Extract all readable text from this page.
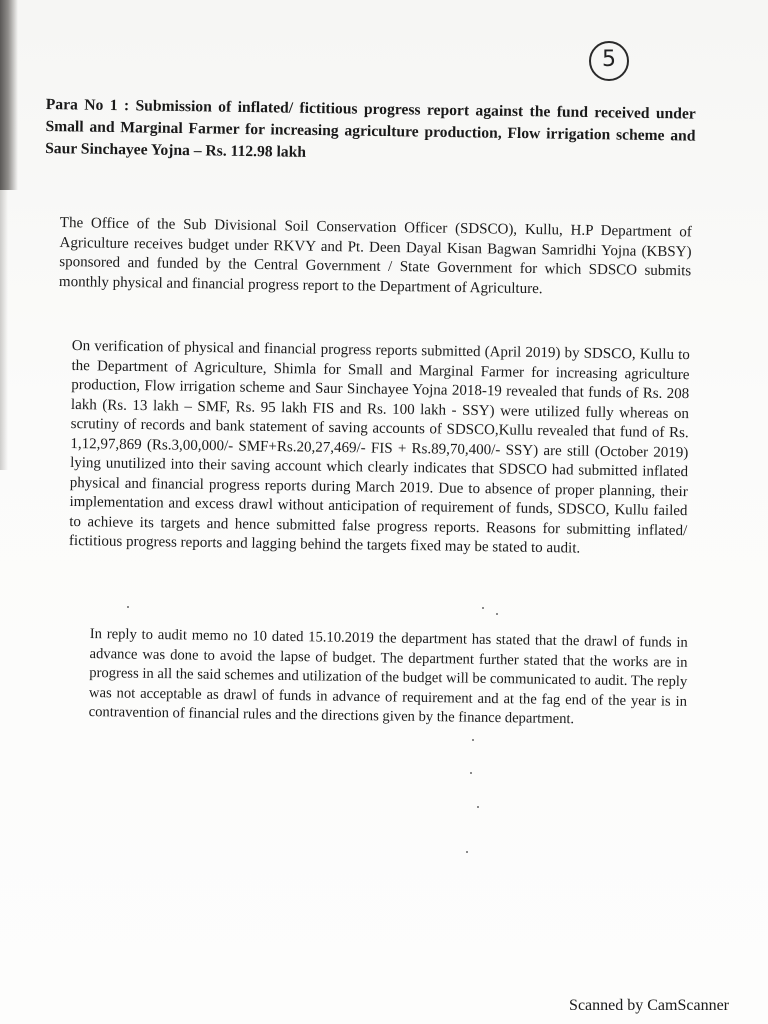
5

Para No 1 : Submission of inflated/ fictitious progress report against the fund received under Small and Marginal Farmer for increasing agriculture production, Flow irrigation scheme and Saur Sinchayee Yojna – Rs. 112.98 lakh

The Office of the Sub Divisional Soil Conservation Officer (SDSCO), Kullu, H.P Department of Agriculture receives budget under RKVY and Pt. Deen Dayal Kisan Bagwan Samridhi Yojna (KBSY) sponsored and funded by the Central Government / State Government for which SDSCO submits monthly physical and financial progress report to the Department of Agriculture.

On verification of physical and financial progress reports submitted (April 2019) by SDSCO, Kullu to the Department of Agriculture, Shimla for Small and Marginal Farmer for increasing agriculture production, Flow irrigation scheme and Saur Sinchayee Yojna 2018-19 revealed that funds of Rs. 208 lakh (Rs. 13 lakh – SMF, Rs. 95 lakh FIS and Rs. 100 lakh - SSY) were utilized fully whereas on scrutiny of records and bank statement of saving accounts of SDSCO,Kullu revealed that fund of Rs. 1,12,97,869 (Rs.3,00,000/- SMF+Rs.20,27,469/- FIS + Rs.89,70,400/- SSY) are still (October 2019) lying unutilized into their saving account which clearly indicates that SDSCO had submitted inflated physical and financial progress reports during March 2019. Due to absence of proper planning, their implementation and excess drawl without anticipation of requirement of funds, SDSCO, Kullu failed to achieve its targets and hence submitted false progress reports. Reasons for submitting inflated/ fictitious progress reports and lagging behind the targets fixed may be stated to audit.

In reply to audit memo no 10 dated 15.10.2019 the department has stated that the drawl of funds in advance was done to avoid the lapse of budget. The department further stated that the works are in progress in all the said schemes and utilization of the budget will be communicated to audit. The reply was not acceptable as drawl of funds in advance of requirement and at the fag end of the year is in contravention of financial rules and the directions given by the finance department.

Scanned by CamScanner
